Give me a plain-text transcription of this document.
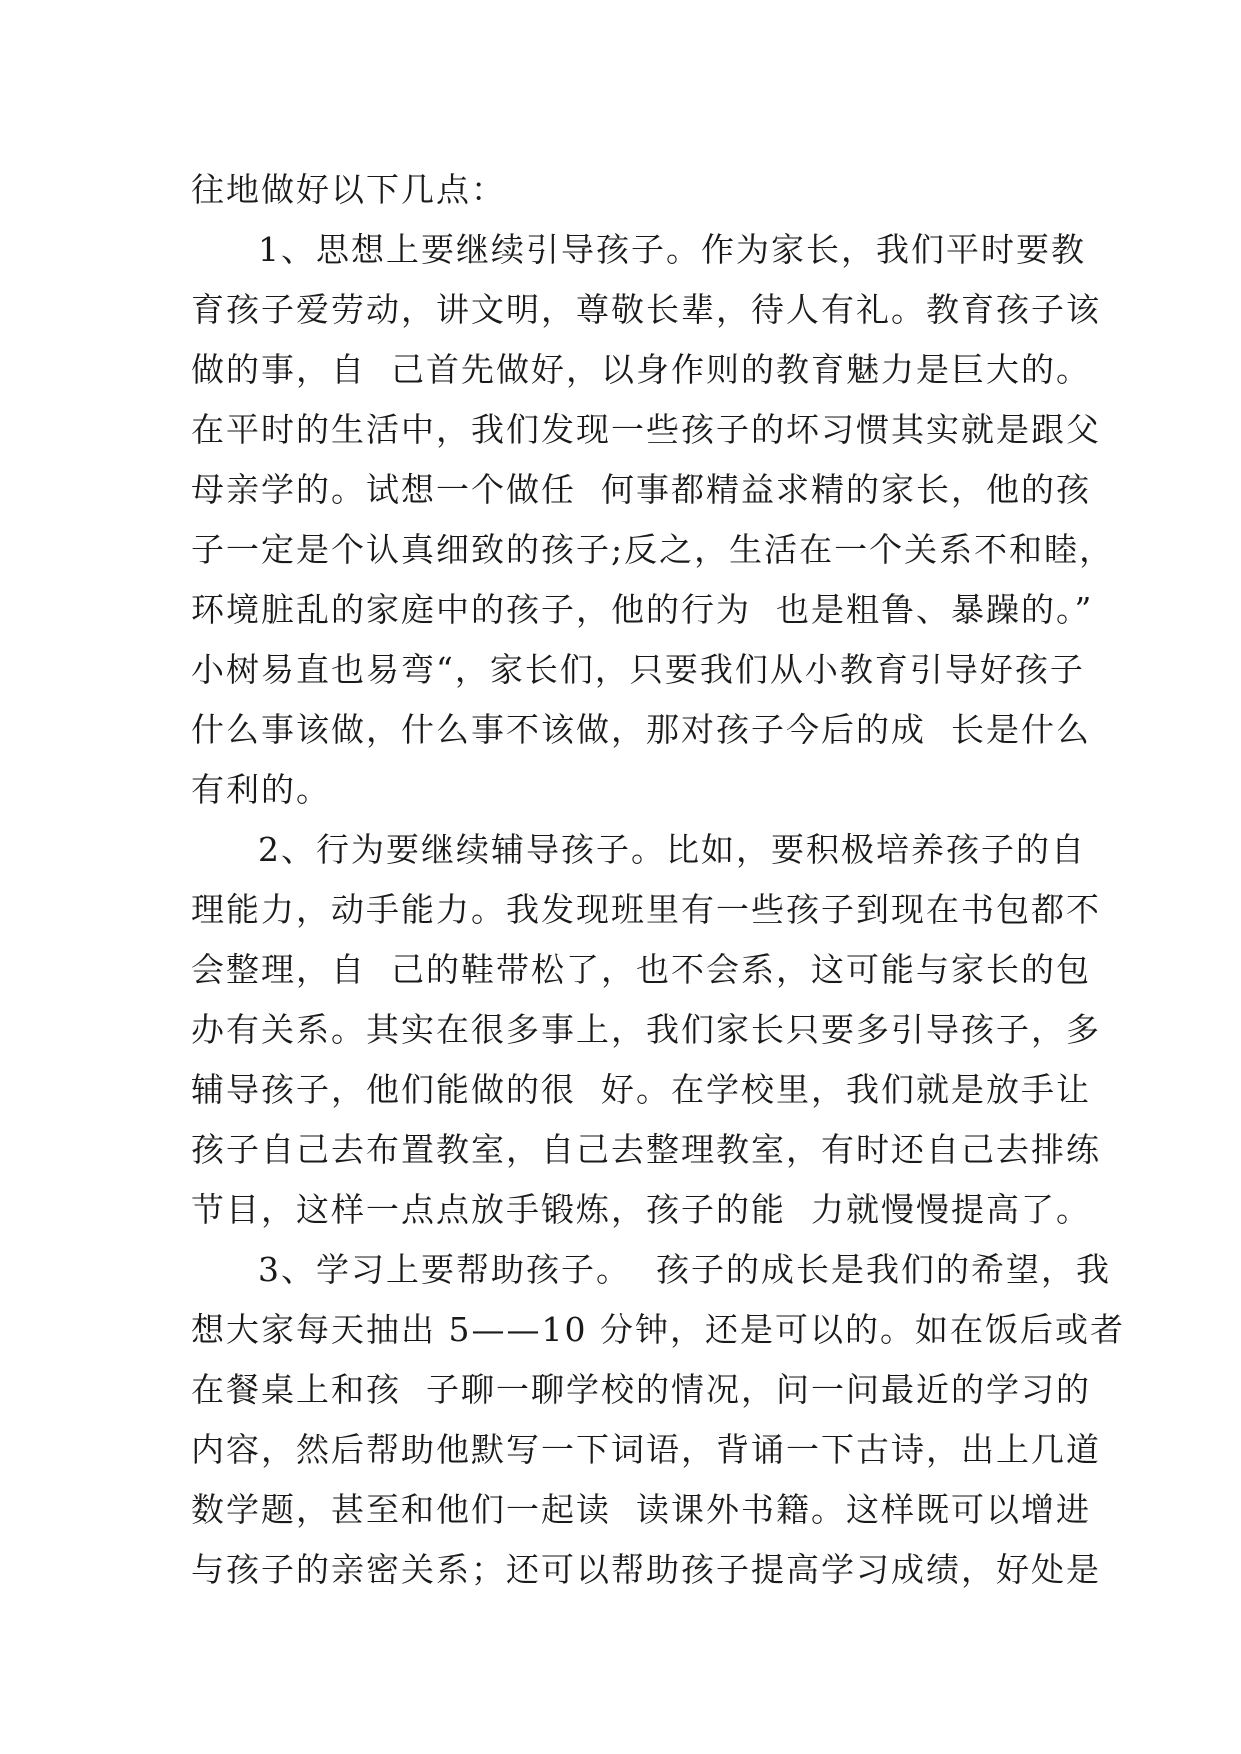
往地做好以下几点：
1、思想上要继续引导孩子。作为家长，我们平时要教
育孩子爱劳动，讲文明，尊敬长辈，待人有礼。教育孩子该
做的事，自  己首先做好，以身作则的教育魅力是巨大的。
在平时的生活中，我们发现一些孩子的坏习惯其实就是跟父
母亲学的。试想一个做任  何事都精益求精的家长，他的孩
子一定是个认真细致的孩子;反之，生活在一个关系不和睦，
环境脏乱的家庭中的孩子，他的行为  也是粗鲁、暴躁的。”
小树易直也易弯“，家长们，只要我们从小教育引导好孩子
什么事该做，什么事不该做，那对孩子今后的成  长是什么
有利的。
2、行为要继续辅导孩子。比如，要积极培养孩子的自
理能力，动手能力。我发现班里有一些孩子到现在书包都不
会整理，自  己的鞋带松了，也不会系，这可能与家长的包
办有关系。其实在很多事上，我们家长只要多引导孩子，多
辅导孩子，他们能做的很  好。在学校里，我们就是放手让
孩子自己去布置教室，自己去整理教室，有时还自己去排练
节目，这样一点点放手锻炼，孩子的能  力就慢慢提高了。
3、学习上要帮助孩子。  孩子的成长是我们的希望，我
想大家每天抽出 5——10 分钟，还是可以的。如在饭后或者
在餐桌上和孩  子聊一聊学校的情况，问一问最近的学习的
内容，然后帮助他默写一下词语，背诵一下古诗，出上几道
数学题，甚至和他们一起读  读课外书籍。这样既可以增进
与孩子的亲密关系；还可以帮助孩子提高学习成绩，好处是
